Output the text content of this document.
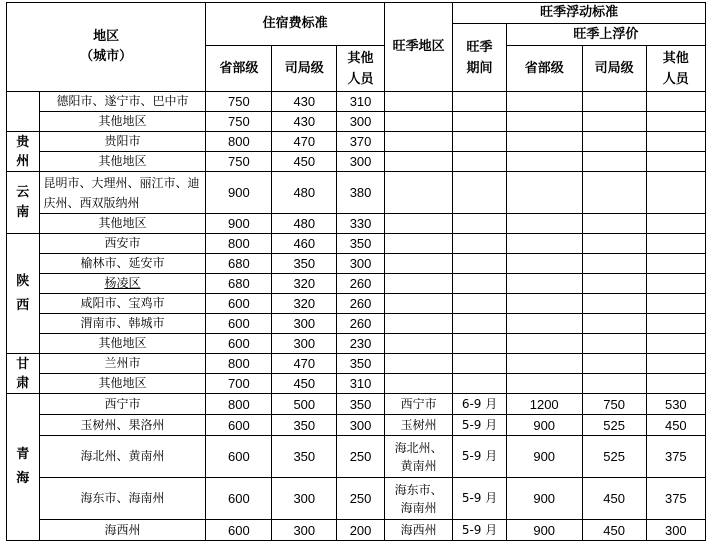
地区
（城市）		住宿费标准			旺季地区	旺季浮动标准			

						旺季期间	旺季上浮价		
		省部级	司局级	其他人员			省部级	司局级	其他人员

	德阳市、遂宁市、巴中市	750	430	310					
	其他地区	750	430	300					

贵州	贵阳市	800	470	370					
	其他地区	750	450	300					

云南	昆明市、大理州、丽江市、迪庆州、西双版纳州	900	480	380					
	其他地区	900	480	330					

陕西	西安市	800	460	350					
	榆林市、延安市	680	350	300					
	杨凌区	680	320	260					
	咸阳市、宝鸡市	600	320	260					
	渭南市、韩城市	600	300	260					
	其他地区	600	300	230					

甘肃	兰州市	800	470	350					
	其他地区	700	450	310					

青海	西宁市	800	500	350	西宁市	6-9 月	1200	750	530
	玉树州、果洛州	600	350	300	玉树州	5-9 月	900	525	450
	海北州、黄南州	600	350	250	海北州、黄南州	5-9 月	900	525	375
	海东市、海南州	600	300	250	海东市、海南州	5-9 月	900	450	375
	海西州	600	300	200	海西州	5-9 月	900	450	300
